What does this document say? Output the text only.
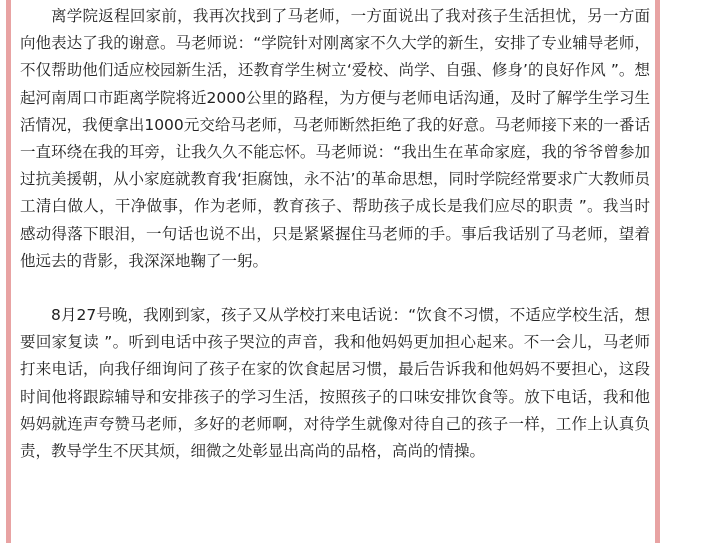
离学院返程回家前，我再次找到了马老师，一方面说出了我对孩子生活担忧，另一方面向他表达了我的谢意。马老师说：“学院针对刚离家不久大学的新生，安排了专业辅导老师，不仅帮助他们适应校园新生活，还教育学生树立‘爱校、尚学、自强、修身’的良好作风 ”。想起河南周口市距离学院将近2000公里的路程，为方便与老师电话沟通，及时了解学生学习生活情况，我便拿出1000元交给马老师，马老师断然拒绝了我的好意。马老师接下来的一番话一直环绕在我的耳旁，让我久久不能忘怀。马老师说：“我出生在革命家庭，我的爷爷曾参加过抗美援朝，从小家庭就教育我‘拒腐蚀，永不沾’的革命思想，同时学院经常要求广大教师员工清白做人，干净做事，作为老师，教育孩子、帮助孩子成长是我们应尽的职责 ”。我当时感动得落下眼泪，一句话也说不出，只是紧紧握住马老师的手。事后我话别了马老师，望着他远去的背影，我深深地鞠了一躬。

8月27号晚，我刚到家，孩子又从学校打来电话说：“饮食不习惯，不适应学校生活，想要回家复读 ”。听到电话中孩子哭泣的声音，我和他妈妈更加担心起来。不一会儿，马老师打来电话，向我仔细询问了孩子在家的饮食起居习惯，最后告诉我和他妈妈不要担心，这段时间他将跟踪辅导和安排孩子的学习生活，按照孩子的口味安排饮食等。放下电话，我和他妈妈就连声夸赞马老师，多好的老师啊，对待学生就像对待自己的孩子一样，工作上认真负责，教导学生不厌其烦，细微之处彰显出高尚的品格，高尚的情操。
